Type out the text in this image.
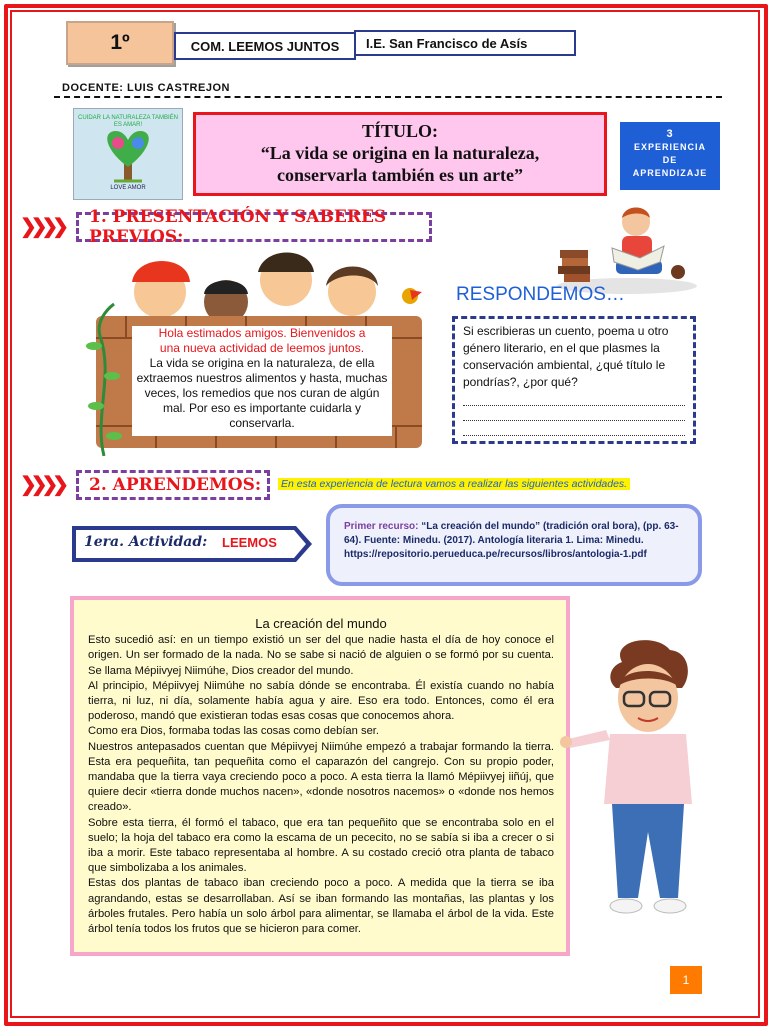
1º	COM. LEEMOS JUNTOS	I.E. San Francisco de Asís
DOCENTE: LUIS CASTREJON
CUIDAR LA NATURALEZA TAMBIÉN ES AMAR!
LOVE AMOR
TÍTULO:
“La vida se origina en la naturaleza,
conservarla también es un arte”
3
EXPERIENCIA
DE
APRENDIZAJE
❯❯❯❯	1. PRESENTACIÓN Y SABERES PREVIOS:
Hola estimados amigos. Bienvenidos a
una nueva actividad de leemos juntos.
La vida se origina en la naturaleza, de ella extraemos nuestros alimentos y hasta, muchas veces, los remedios que nos curan de algún mal. Por eso es importante cuidarla y conservarla.
RESPONDEMOS…
Si escribieras un cuento, poema u otro género literario, en el que plasmes la conservación ambiental, ¿qué título le pondrías?, ¿por qué?
❯❯❯❯	2. APRENDEMOS:	En esta experiencia de lectura vamos a realizar las siguientes actividades.
1era. Actividad: LEEMOS
Primer recurso: “La creación del mundo” (tradición oral bora), (pp. 63-64). Fuente: Minedu. (2017). Antología literaria 1. Lima: Minedu. https://repositorio.perueduca.pe/recursos/libros/antologia-1.pdf
La creación del mundo

Esto sucedió así: en un tiempo existió un ser del que nadie hasta el día de hoy conoce el origen. Un ser formado de la nada. No se sabe si nació de alguien o se formó por su cuenta. Se llama Mépiivyej Niimúhe, Dios creador del mundo.

Al principio, Mépiivyej Niimúhe no sabía dónde se encontraba. Él existía cuando no había tierra, ni luz, ni día, solamente había agua y aire. Eso era todo. Entonces, como él era poderoso, mandó que existieran todas esas cosas que conocemos ahora.

Como era Dios, formaba todas las cosas como debían ser.

Nuestros antepasados cuentan que Mépiivyej Niimúhe empezó a trabajar formando la tierra. Esta era pequeñita, tan pequeñita como el caparazón del cangrejo. Con su propio poder, mandaba que la tierra vaya creciendo poco a poco. A esta tierra la llamó Mépiivyej iiñúj, que quiere decir «tierra donde muchos nacen», «donde nosotros nacemos» o «donde nos hemos creado».

Sobre esta tierra, él formó el tabaco, que era tan pequeñito que se encontraba solo en el suelo; la hoja del tabaco era como la escama de un pececito, no se sabía si iba a crecer o si iba a morir. Este tabaco representaba al hombre. A su costado creció otra planta de tabaco que simbolizaba a los animales.

Estas dos plantas de tabaco iban creciendo poco a poco. A medida que la tierra se iba agrandando, estas se desarrollaban. Así se iban formando las montañas, las plantas y los árboles frutales. Pero había un solo árbol para alimentar, se llamaba el árbol de la vida. Este árbol tenía todos los frutos que se hicieron para comer.

1
